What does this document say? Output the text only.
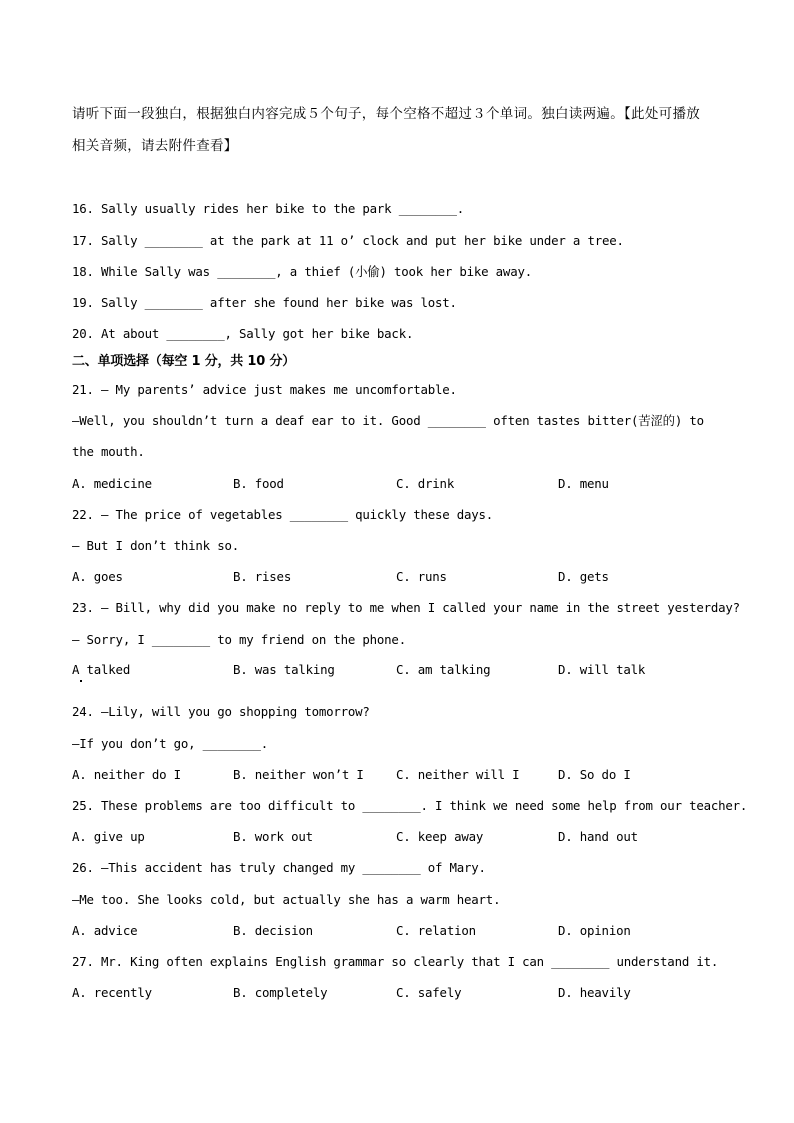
请听下面一段独白，根据独白内容完成５个句子，每个空格不超过３个单词。独白读两遍。【此处可播放
相关音频，请去附件查看】
16. Sally usually rides her bike to the park ________.
17. Sally ________ at the park at 11 o’ clock and put her bike under a tree.
18. While Sally was ________, a thief (小偷) took her bike away.
19. Sally ________ after she found her bike was lost.
20. At about ________, Sally got her bike back.
二、单项选择（每空 1 分，共 10 分）
21. — My parents’ advice just makes me uncomfortable.
—Well, you shouldn’t turn a deaf ear to it. Good ________ often tastes bitter(苦涩的) to
the mouth.
A. medicine	B. food	C. drink	D. menu
22. — The price of vegetables ________ quickly these days.
— But I don’t think so.
A. goes	B. rises	C. runs	D. gets
23. — Bill, why did you make no reply to me when I called your name in the street yesterday?
— Sorry, I ________ to my friend on the phone.
A talked	B. was talking	C. am talking	D. will talk
24. —Lily, will you go shopping tomorrow?
—If you don’t go, ________.
A. neither do I	B. neither won’t I	C. neither will I	D. So do I
25. These problems are too difficult to ________. I think we need some help from our teacher.
A. give up	B. work out	C. keep away	D. hand out
26. —This accident has truly changed my ________ of Mary.
—Me too. She looks cold, but actually she has a warm heart.
A. advice	B. decision	C. relation	D. opinion
27. Mr. King often explains English grammar so clearly that I can ________ understand it.
A. recently	B. completely	C. safely	D. heavily
